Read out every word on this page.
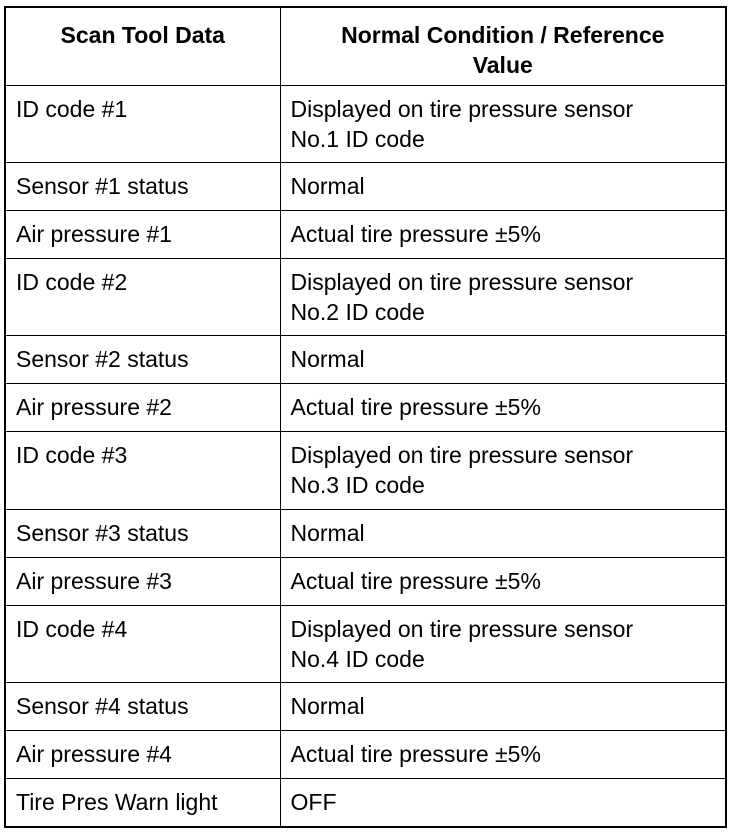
Scan Tool Data	Normal Condition / Reference
Value

ID code #1	Displayed on tire pressure sensor
No.1 ID code

Sensor #1 status	Normal
Air pressure #1	Actual tire pressure ±5%
ID code #2	Displayed on tire pressure sensor
No.2 ID code

Sensor #2 status	Normal
Air pressure #2	Actual tire pressure ±5%
ID code #3	Displayed on tire pressure sensor
No.3 ID code

Sensor #3 status	Normal
Air pressure #3	Actual tire pressure ±5%
ID code #4	Displayed on tire pressure sensor
No.4 ID code

Sensor #4 status	Normal
Air pressure #4	Actual tire pressure ±5%
Tire Pres Warn light	OFF
